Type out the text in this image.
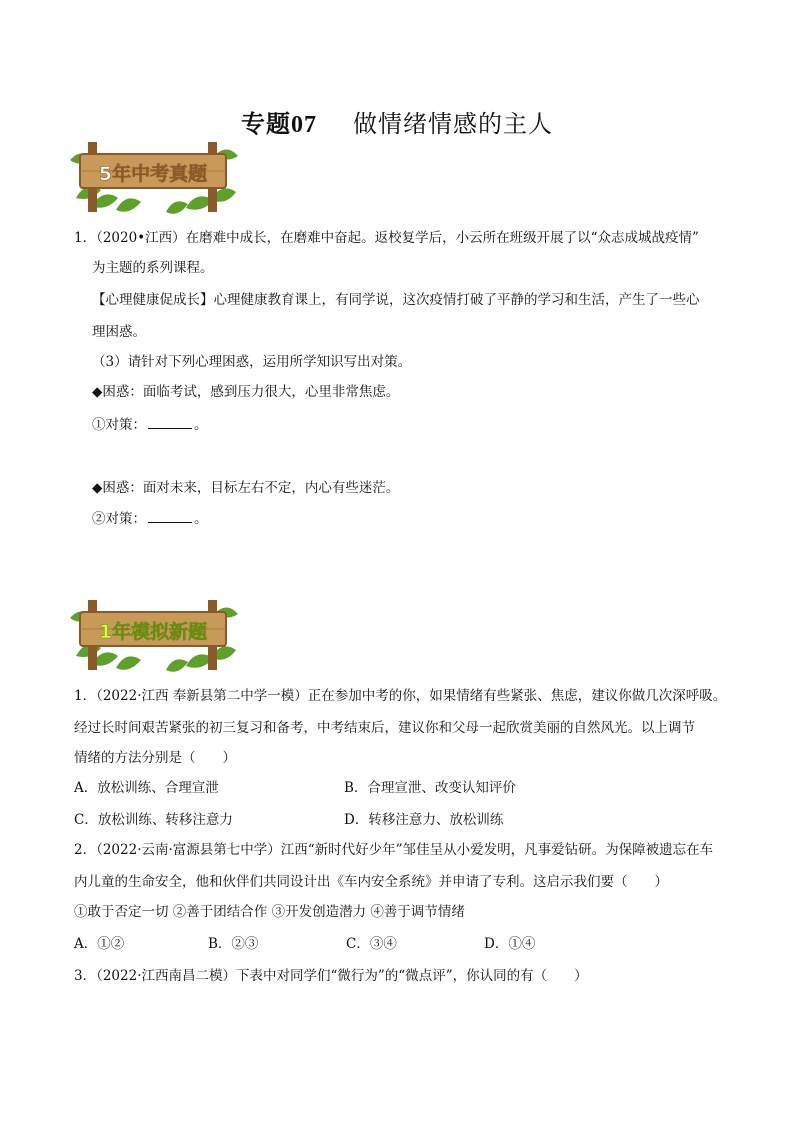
专题07 做情绪情感的主人
5年中考真题
1．（2020•江西）在磨难中成长，在磨难中奋起。返校复学后，小云所在班级开展了以“众志成城战疫情”
为主题的系列课程。
【心理健康促成长】心理健康教育课上，有同学说，这次疫情打破了平静的学习和生活，产生了一些心
理困惑。
（3）请针对下列心理困惑，运用所学知识写出对策。
◆困惑：面临考试，感到压力很大，心里非常焦虑。
①对策：	。
◆困惑：面对未来，目标左右不定，内心有些迷茫。
②对策：	。
1年模拟新题
1．（2022·江西 奉新县第二中学一模）正在参加中考的你，如果情绪有些紧张、焦虑，建议你做几次深呼吸。
经过长时间艰苦紧张的初三复习和备考，中考结束后，建议你和父母一起欣赏美丽的自然风光。以上调节
情绪的方法分别是（　　）
A．放松训练、合理宣泄	B．合理宣泄、改变认知评价
C．放松训练、转移注意力	D．转移注意力、放松训练
2．（2022·云南·富源县第七中学）江西“新时代好少年”邹佳呈从小爱发明，凡事爱钻研。为保障被遗忘在车
内儿童的生命安全，他和伙伴们共同设计出《车内安全系统》并申请了专利。这启示我们要（　　）
①敢于否定一切 ②善于团结合作 ③开发创造潜力 ④善于调节情绪
A．①②	B．②③	C．③④	D．①④
3．（2022·江西南昌二模）下表中对同学们“微行为”的“微点评”，你认同的有（　　）
